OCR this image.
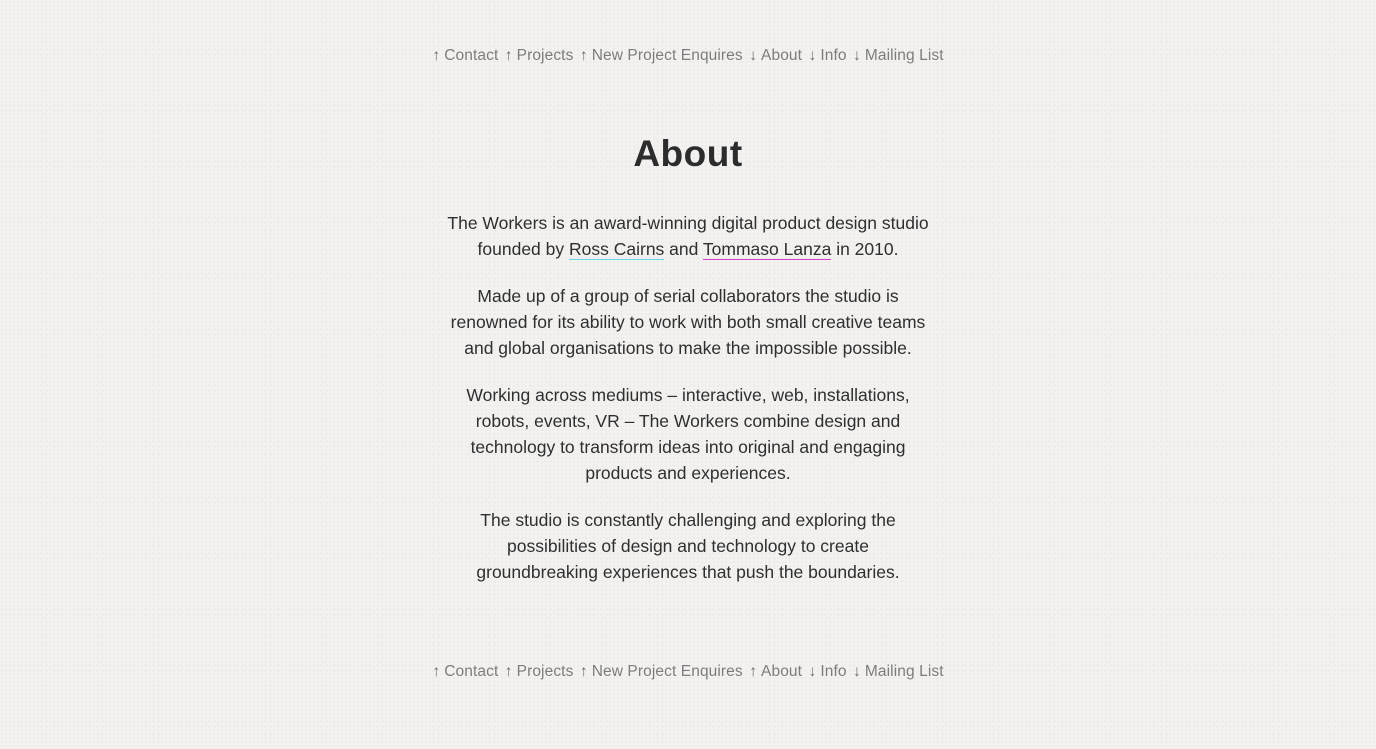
↑ Contact ↑ Projects ↑ New Project Enquires ↓ About ↓ Info ↓ Mailing List
About

The Workers is an award-winning digital product design studio founded by Ross Cairns and Tommaso Lanza in 2010.

Made up of a group of serial collaborators the studio is renowned for its ability to work with both small creative teams and global organisations to make the impossible possible.

Working across mediums – interactive, web, installations, robots, events, VR – The Workers combine design and technology to transform ideas into original and engaging products and experiences.

The studio is constantly challenging and exploring the possibilities of design and technology to create groundbreaking experiences that push the boundaries.

↑ Contact ↑ Projects ↑ New Project Enquires ↑ About ↓ Info ↓ Mailing List
